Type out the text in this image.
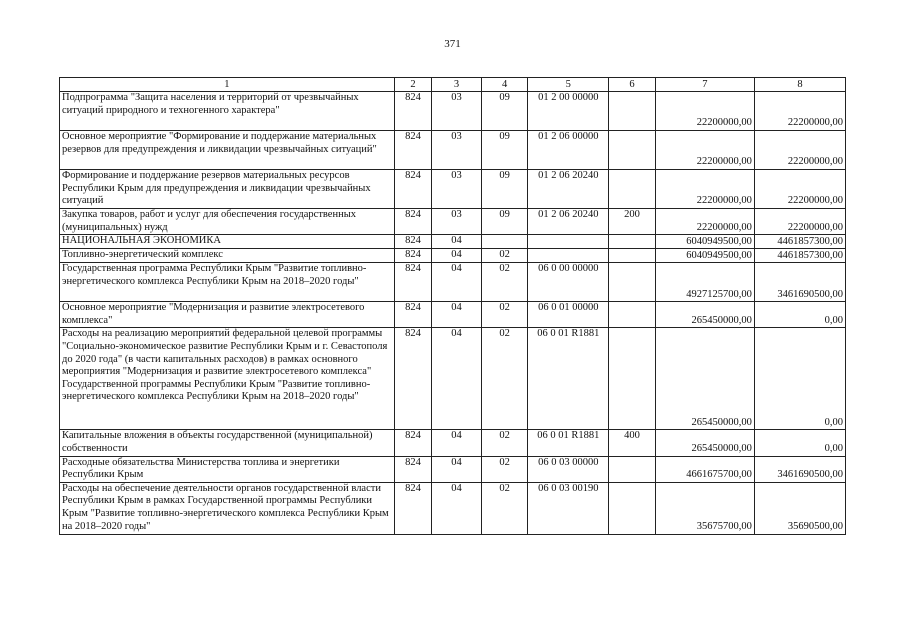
371
1	2	3	4	5	6	7	8
Подпрограмма "Защита населения и территорий от чрезвычайных ситуаций природного и техногенного характера"	824	03	09	01 2 00 00000		22200000,00	22200000,00
Основное мероприятие "Формирование и поддержание материальных резервов для предупреждения и ликвидации чрезвычайных ситуаций"	824	03	09	01 2 06 00000		22200000,00	22200000,00
Формирование и поддержание резервов материальных ресурсов Республики Крым для предупреждения и ликвидации чрезвычайных ситуаций	824	03	09	01 2 06 20240		22200000,00	22200000,00
Закупка товаров, работ и услуг для обеспечения государственных (муниципальных) нужд	824	03	09	01 2 06 20240	200	22200000,00	22200000,00
НАЦИОНАЛЬНАЯ ЭКОНОМИКА	824	04				6040949500,00	4461857300,00
Топливно-энергетический комплекс	824	04	02			6040949500,00	4461857300,00
Государственная программа Республики Крым "Развитие топливно-энергетического комплекса Республики Крым на 2018–2020 годы"	824	04	02	06 0 00 00000		4927125700,00	3461690500,00
Основное мероприятие "Модернизация и развитие электросетевого комплекса"	824	04	02	06 0 01 00000		265450000,00	0,00
Расходы на реализацию мероприятий федеральной целевой программы "Социально-экономическое развитие Республики Крым и г. Севастополя до 2020 года" (в части капитальных расходов) в рамках основного мероприятия "Модернизация и развитие электросетевого комплекса" Государственной программы Республики Крым "Развитие топливно-энергетического комплекса Республики Крым на 2018–2020 годы"	824	04	02	06 0 01 R1881		265450000,00	0,00
Капитальные вложения в объекты государственной (муниципальной) собственности	824	04	02	06 0 01 R1881	400	265450000,00	0,00
Расходные обязательства Министерства топлива и энергетики Республики Крым	824	04	02	06 0 03 00000		4661675700,00	3461690500,00
Расходы на обеспечение деятельности органов государственной власти Республики Крым в рамках Государственной программы Республики Крым "Развитие топливно-энергетического комплекса Республики Крым на 2018–2020 годы"	824	04	02	06 0 03 00190		35675700,00	35690500,00
